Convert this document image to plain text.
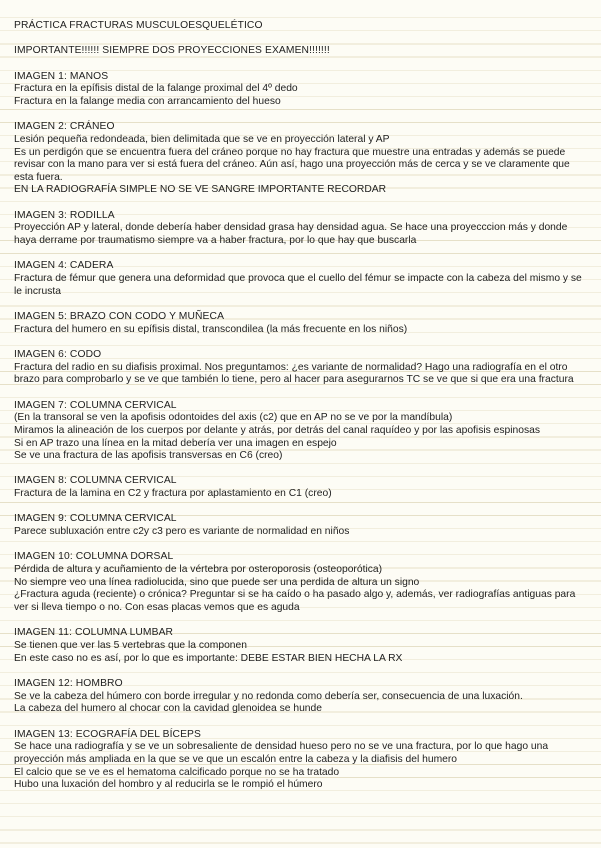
PRÁCTICA FRACTURAS MUSCULOESQUELÉTICO
IMPORTANTE!!!!!! SIEMPRE DOS PROYECCIONES EXAMEN!!!!!!!
IMAGEN 1: MANOS
Fractura en la epífisis distal de la falange proximal del 4º dedo
Fractura en la falange media con arrancamiento del hueso
IMAGEN 2: CRÁNEO
Lesión pequeña redondeada, bien delimitada que se ve en proyección lateral y AP
Es un perdigón que se encuentra fuera del cráneo porque no hay fractura que muestre una entradas y además se puede revisar con la mano para ver si está fuera del cráneo. Aún así, hago una proyección más de cerca y se ve claramente que esta fuera.
EN LA RADIOGRAFÍA SIMPLE NO SE VE SANGRE IMPORTANTE RECORDAR
IMAGEN 3: RODILLA
Proyección AP y lateral, donde debería haber densidad grasa hay densidad agua. Se hace una proyecccion más y donde haya derrame por traumatismo siempre va a haber fractura, por lo que hay que buscarla
IMAGEN 4: CADERA
Fractura de fémur que genera una deformidad que provoca que el cuello del fémur se impacte con la cabeza del mismo y se le incrusta
IMAGEN 5: BRAZO CON CODO Y MUÑECA
Fractura del humero en su epífisis distal, transcondilea (la más frecuente en los niños)
IMAGEN 6: CODO
Fractura del radio en su diafisis proximal. Nos preguntamos: ¿es variante de normalidad? Hago una radiografía en el otro brazo para comprobarlo y se ve que también lo tiene, pero al hacer para asegurarnos TC se ve que si que era una fractura
IMAGEN 7: COLUMNA CERVICAL
(En la transoral se ven la apofisis odontoides del axis (c2) que en AP no se ve por la mandíbula)
Miramos la alineación de los cuerpos por delante y atrás, por detrás del canal raquídeo y por las apofisis espinosas
Si en AP trazo una línea en la mitad debería ver una imagen en espejo
Se ve una fractura de las apofisis transversas en C6 (creo)
IMAGEN 8: COLUMNA CERVICAL
Fractura de la lamina en C2 y fractura por aplastamiento en C1 (creo)
IMAGEN 9: COLUMNA CERVICAL
Parece subluxación entre c2y c3 pero es variante de normalidad en niños
IMAGEN 10: COLUMNA DORSAL
Pérdida de altura y acuñamiento de la vértebra por osteroporosis (osteoporótica)
No siempre veo una línea radiolucida, sino que puede ser una perdida de altura un signo
¿Fractura aguda (reciente) o crónica? Preguntar si se ha caído o ha pasado algo y, además, ver radiografías antiguas para ver si lleva tiempo o no. Con esas placas vemos que es aguda
IMAGEN 11: COLUMNA LUMBAR
Se tienen que ver las 5 vertebras que la componen
En este caso no es así, por lo que es importante: DEBE ESTAR BIEN HECHA LA RX
IMAGEN 12: HOMBRO
Se ve la cabeza del húmero con borde irregular y no redonda como debería ser, consecuencia de una luxación.
La cabeza del humero al chocar con la cavidad glenoidea se hunde
IMAGEN 13: ECOGRAFÍA DEL BÍCEPS
Se hace una radiografía y se ve un sobresaliente de densidad hueso pero no se ve una fractura, por lo que hago una proyección más ampliada en la que se ve que un escalón entre la cabeza y la diafisis del humero
El calcio que se ve es el hematoma calcificado porque no se ha tratado
Hubo una luxación del hombro y al reducirla se le rompió el húmero
